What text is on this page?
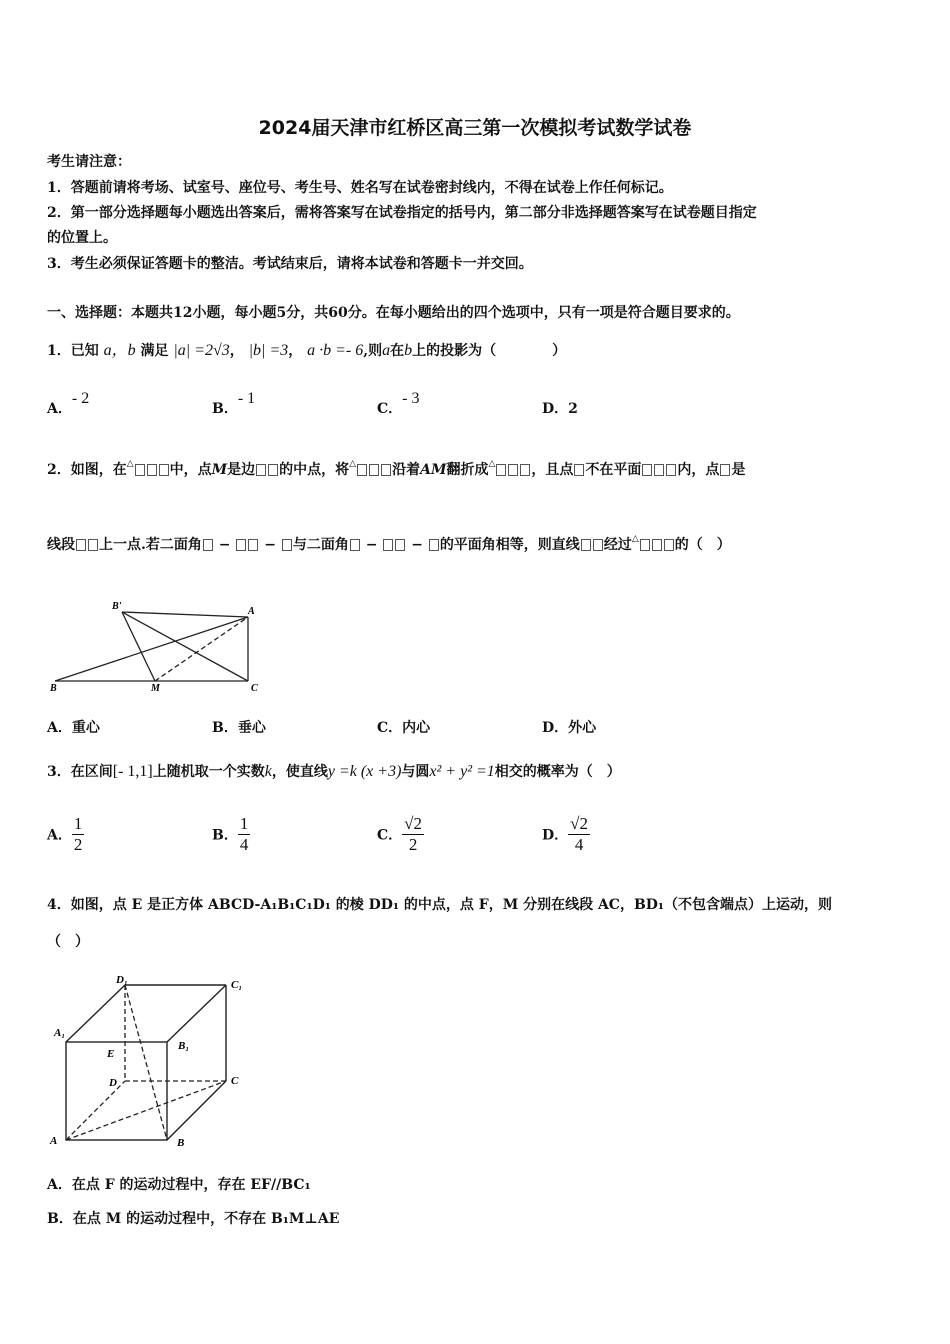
2024届天津市红桥区高三第一次模拟考试数学试卷
考生请注意：
1．答题前请将考场、试室号、座位号、考生号、姓名写在试卷密封线内，不得在试卷上作任何标记。
2．第一部分选择题每小题选出答案后，需将答案写在试卷指定的括号内，第二部分非选择题答案写在试卷题目指定
的位置上。
3．考生必须保证答题卡的整洁。考试结束后，请将本试卷和答题卡一并交回。
一、选择题：本题共12小题，每小题5分，共60分。在每小题给出的四个选项中，只有一项是符合题目要求的。
1．已知 a，b 满足 |a| =2√3， |b| =3， a ·b =- 6,则a在b上的投影为（　　　　）
A．- 2
B．- 1
C．- 3
D．2
2．如图，在△	中，点M是边 的中点，将△	沿着AM翻折成△	，且点 不在平面	内，点 是
线段 上一点.若二面角 −  − 与二面角 −  − 的平面角相等，则直线 经过△	的（　）
B'	A
B	M	C
A．重心	B．垂心	C．内心	D．外心
3．在区间[- 1,1]上随机取一个实数k，使直线y =k (x +3)与圆x² + y² =1相交的概率为（　）
A． $\frac{1}{2}$	B． $\frac{1}{4}$	C． $\frac{√2}{2}$	D． $\frac{√2}{4}$
4．如图，点 E 是正方体 ABCD-A₁B₁C₁D₁ 的棱 DD₁ 的中点，点 F，M 分别在线段 AC，BD₁（不包含端点）上运动，则
（　）
D₁	C₁
A₁
B₁
E
D	C
A	B
A．在点 F 的运动过程中，存在 EF//BC₁
B．在点 M 的运动过程中，不存在 B₁M⊥AE
